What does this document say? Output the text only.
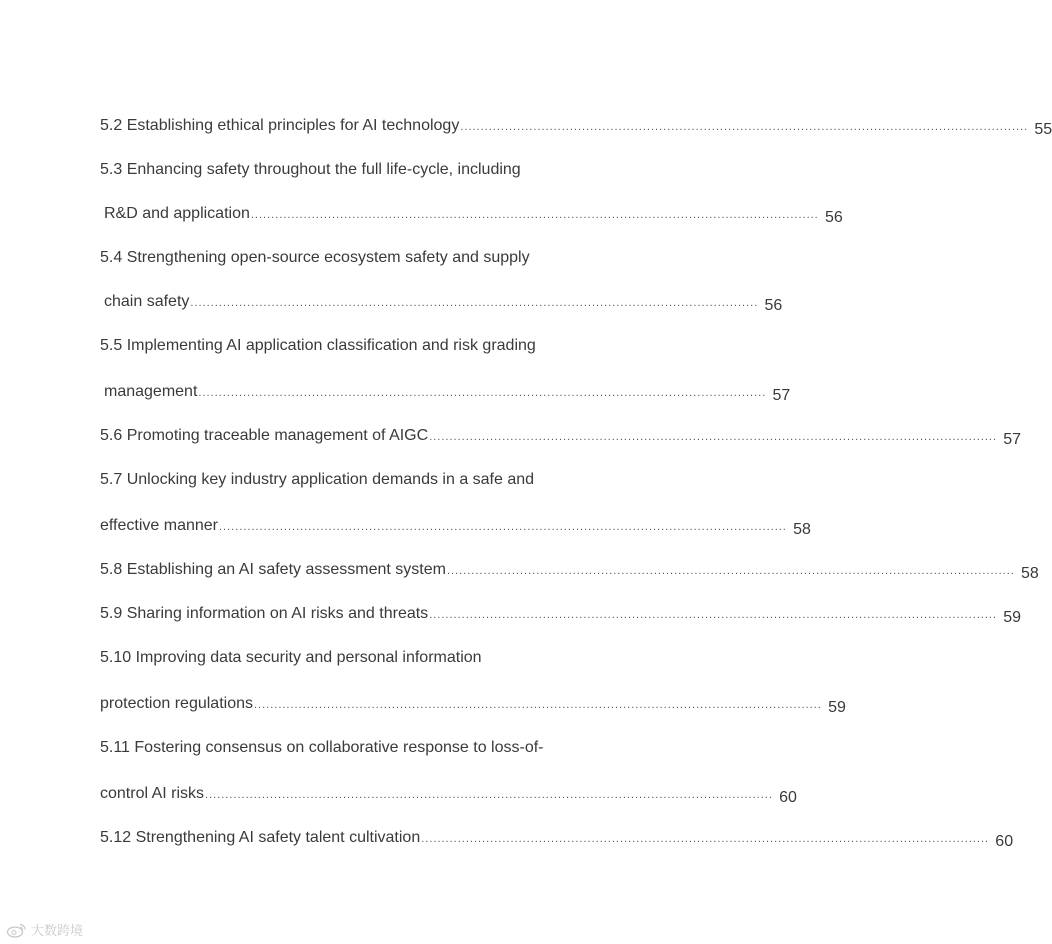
5.2 Establishing ethical principles for AI technology ............................................................................................................................................ 55
5.3 Enhancing safety throughout the full life-cycle, including
R&D and application ............................................................................................................................................ 56
5.4 Strengthening open-source ecosystem safety and supply
chain safety ............................................................................................................................................ 56
5.5 Implementing AI application classification and risk grading
management ............................................................................................................................................ 57
5.6 Promoting traceable management of AIGC ............................................................................................................................................ 57
5.7 Unlocking key industry application demands in a safe and
effective manner ............................................................................................................................................ 58
5.8 Establishing an AI safety assessment system ............................................................................................................................................ 58
5.9 Sharing information on AI risks and threats ............................................................................................................................................ 59
5.10 Improving data security and personal information
protection regulations ............................................................................................................................................ 59
5.11 Fostering consensus on collaborative response to loss-of-
control AI risks ............................................................................................................................................ 60
5.12 Strengthening AI safety talent cultivation ............................................................................................................................................ 60
大数跨境
